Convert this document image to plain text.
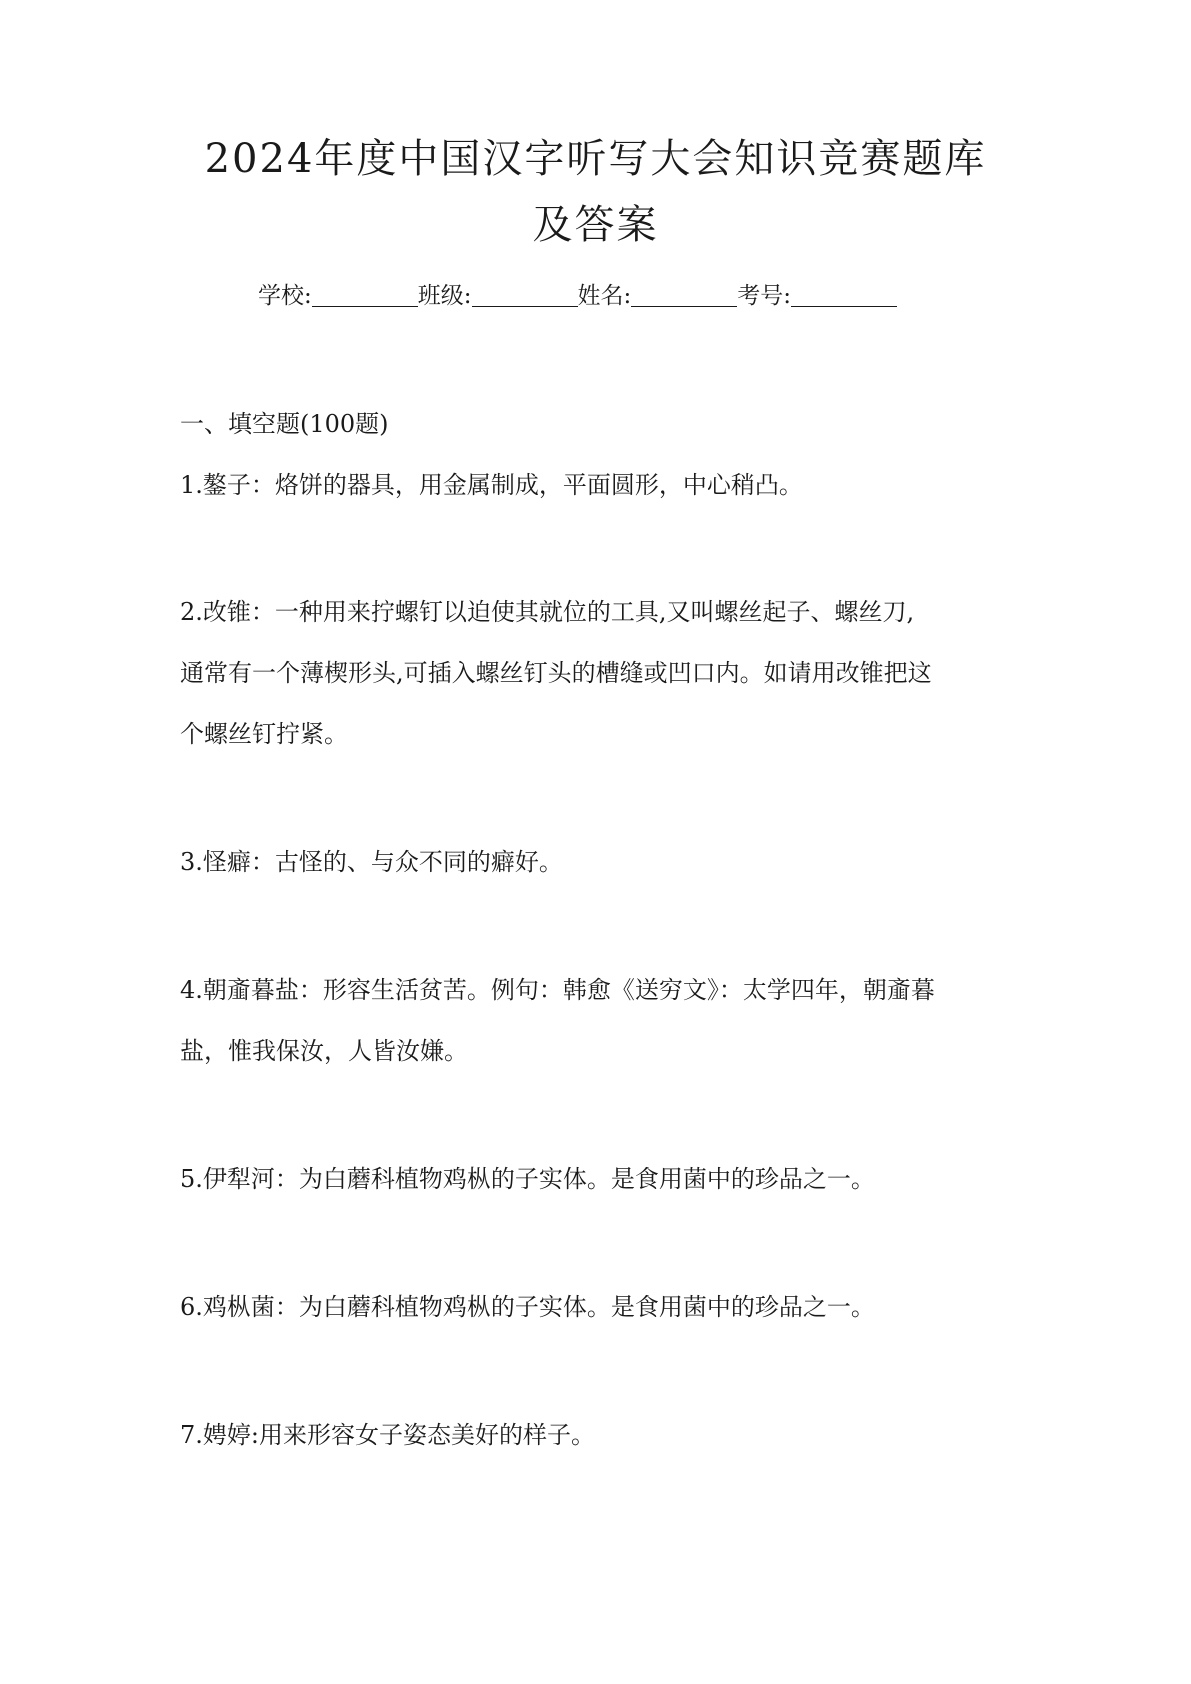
2024年度中国汉字听写大会知识竞赛题库
及答案
学校:	班级:	姓名:	考号:
一、填空题(100题)
1.鏊子：烙饼的器具，用金属制成，平面圆形，中心稍凸。
2.改锥：一种用来拧螺钉以迫使其就位的工具,又叫螺丝起子、螺丝刀,
通常有一个薄楔形头,可插入螺丝钉头的槽缝或凹口内。如请用改锥把这
个螺丝钉拧紧。
3.怪癖：古怪的、与众不同的癖好。
4.朝齑暮盐：形容生活贫苦。例句：韩愈《送穷文》：太学四年，朝齑暮
盐，惟我保汝，人皆汝嫌。
5.伊犁河：为白蘑科植物鸡枞的子实体。是食用菌中的珍品之一。
6.鸡枞菌：为白蘑科植物鸡枞的子实体。是食用菌中的珍品之一。
7.娉婷:用来形容女子姿态美好的样子。
